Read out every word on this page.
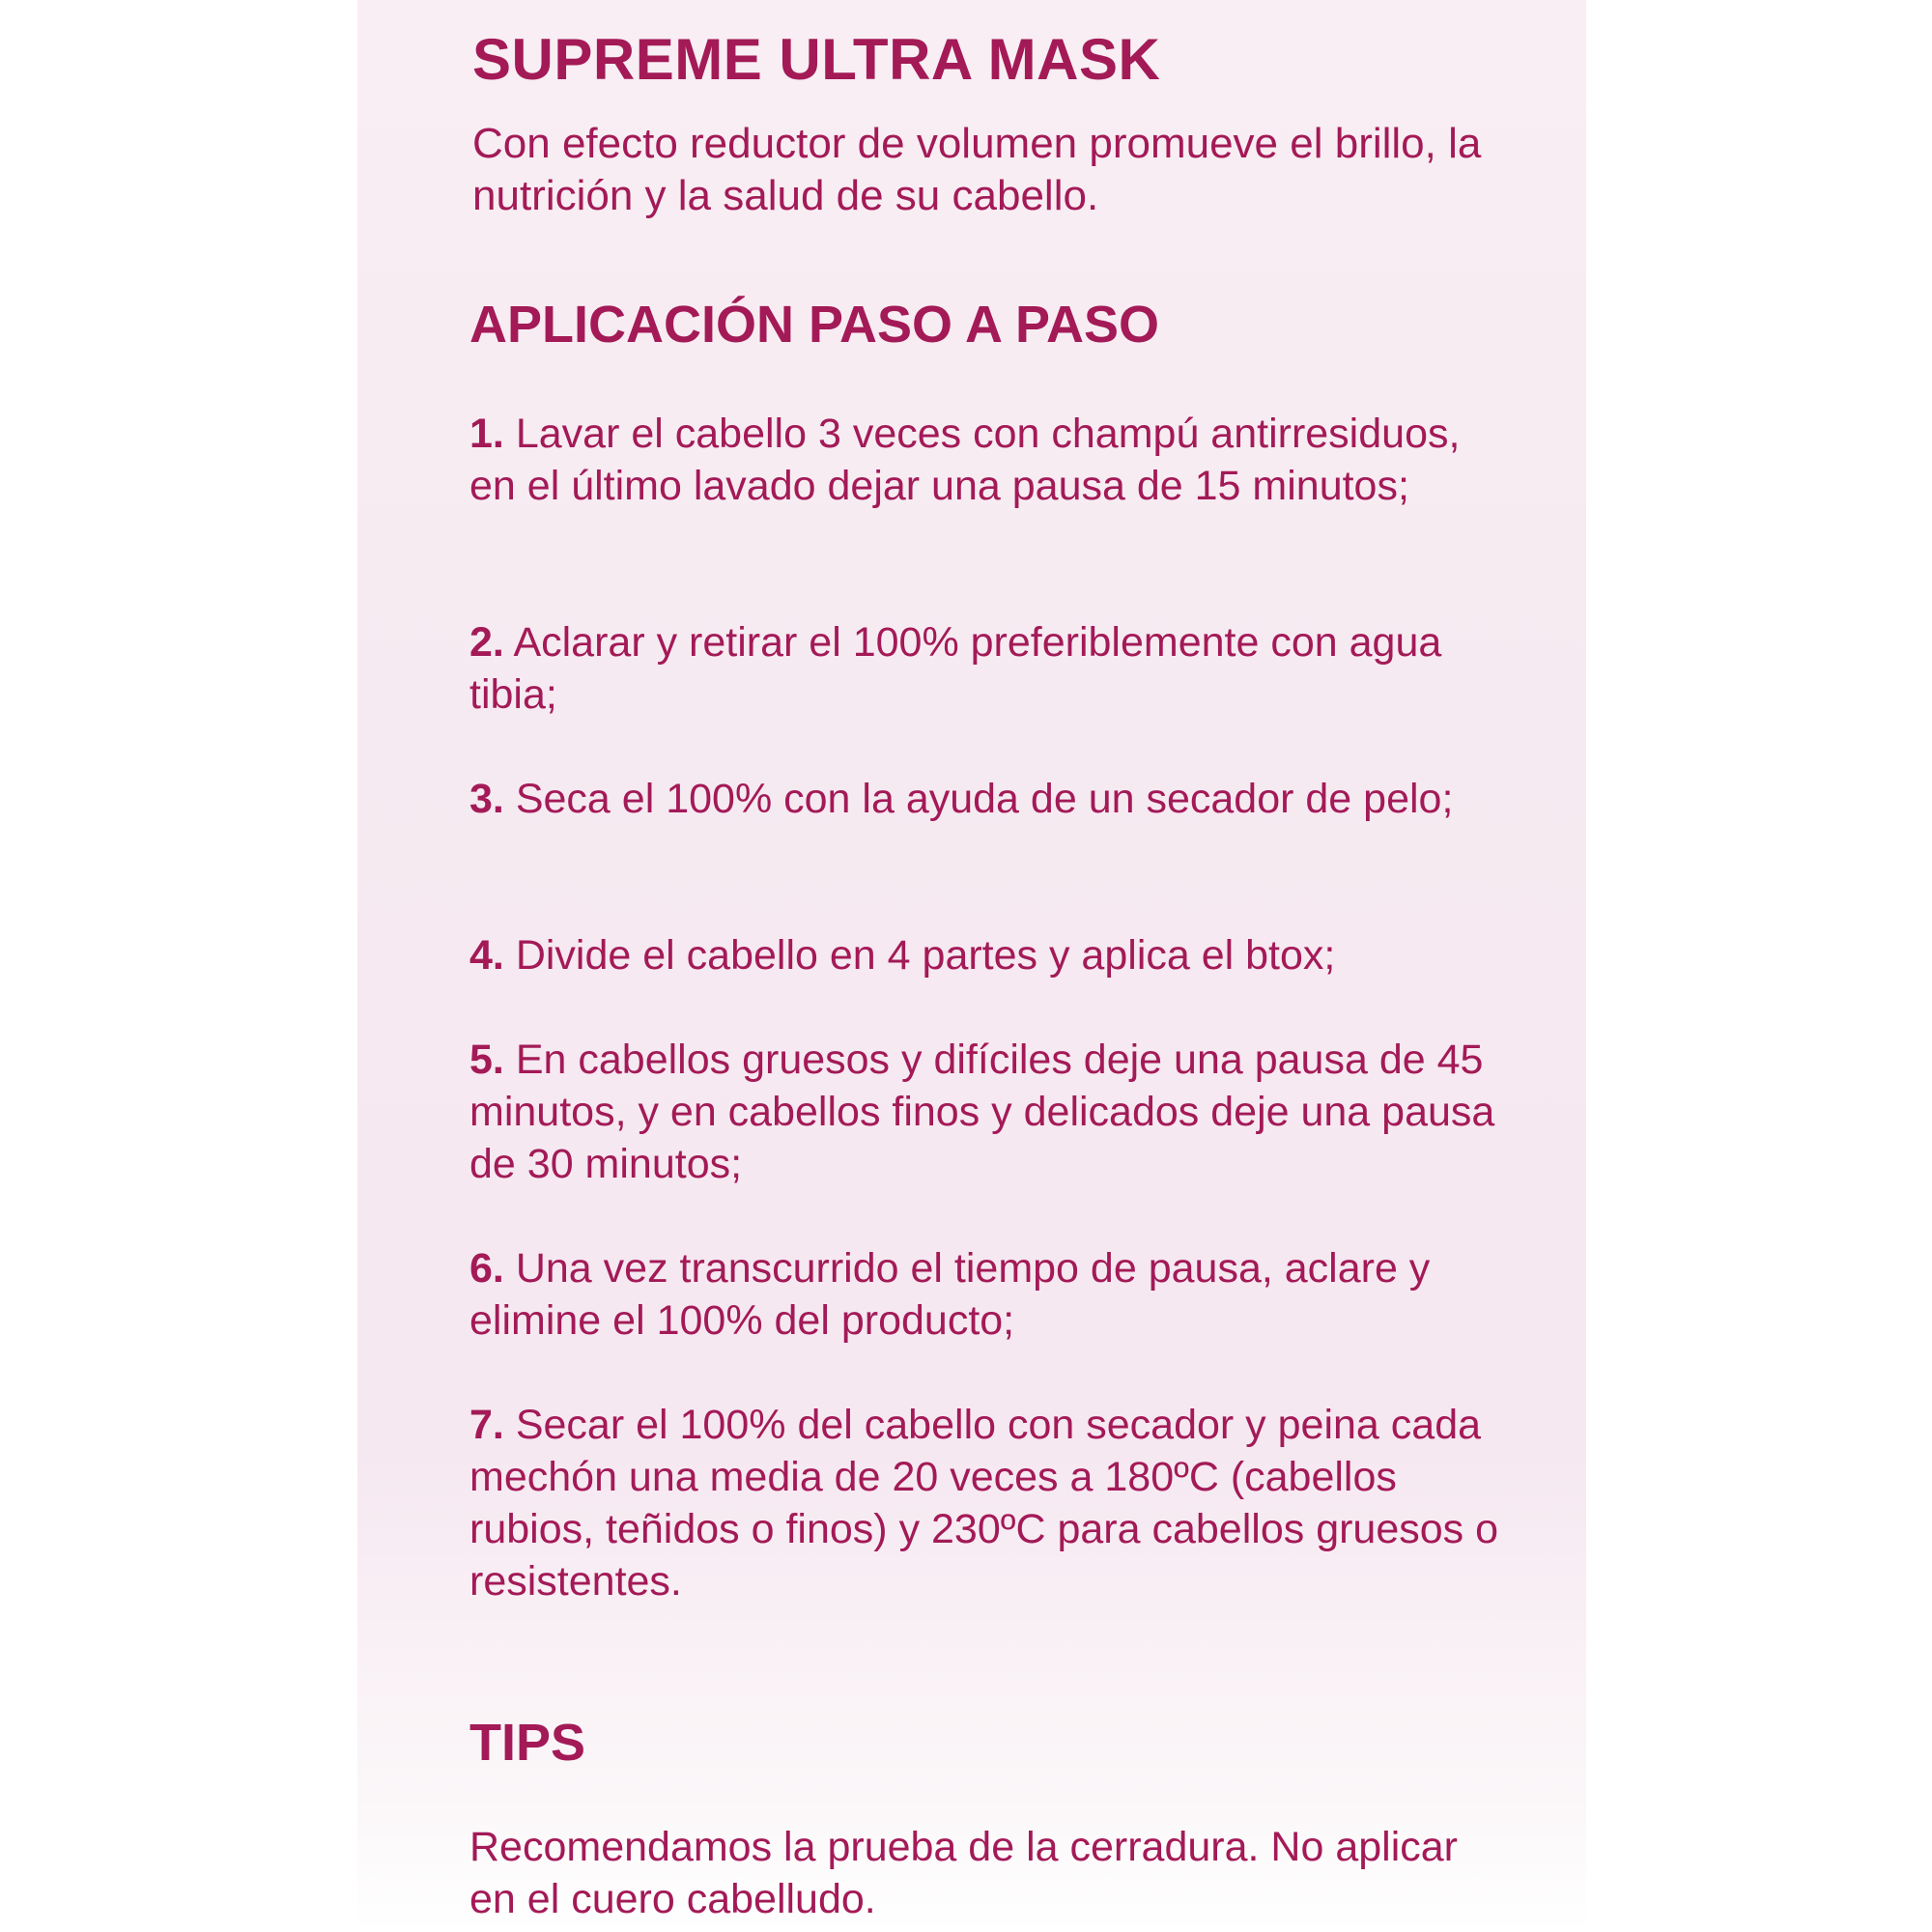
SUPREME ULTRA MASK

Con efecto reductor de volumen promueve el brillo, la nutrición y la salud de su cabello.

APLICACIÓN PASO A PASO

1. Lavar el cabello 3 veces con champú antirresiduos, en el último lavado dejar una pausa de 15 minutos;

2. Aclarar y retirar el 100% preferiblemente con agua tibia;

3. Seca el 100% con la ayuda de un secador de pelo;

4. Divide el cabello en 4 partes y aplica el btox;

5. En cabellos gruesos y difíciles deje una pausa de 45 minutos, y en cabellos finos y delicados deje una pausa de 30 minutos;

6. Una vez transcurrido el tiempo de pausa, aclare y elimine el 100% del producto;

7. Secar el 100% del cabello con secador y peina cada mechón una media de 20 veces a 180ºC (cabellos rubios, teñidos o finos) y 230ºC para cabellos gruesos o resistentes.

TIPS

Recomendamos la prueba de la cerradura. No aplicar en el cuero cabelludo.
